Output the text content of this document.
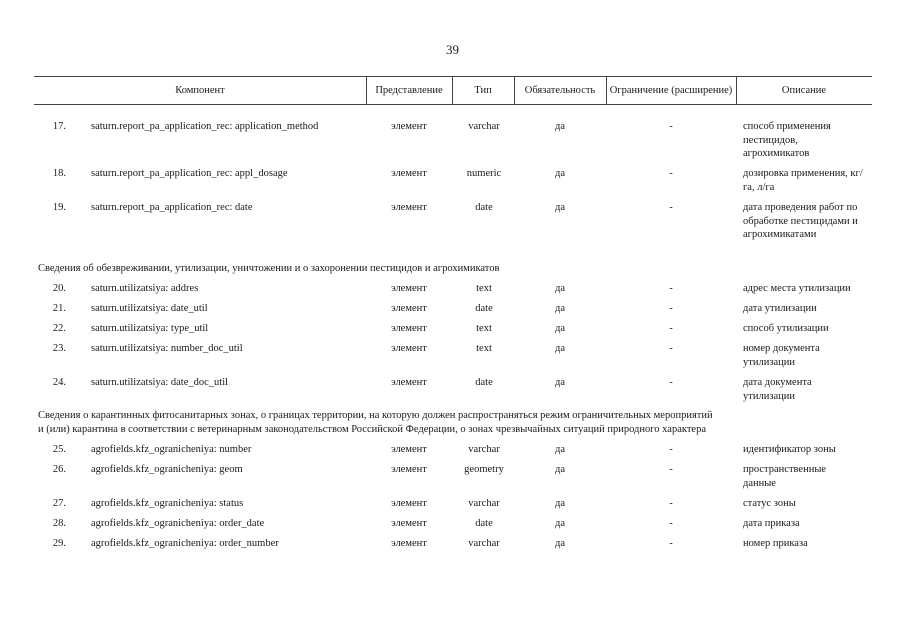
39
Компонент	Представление	Тип	Обязательность	Ограничение (расширение)	Описание
17. saturn.report_pa_application_rec: application_method	элемент	varchar	да	-	способ применения пестицидов, агрохимикатов
18. saturn.report_pa_application_rec: appl_dosage	элемент	numeric	да	-	дозировка применения, кг/га, л/га
19. saturn.report_pa_application_rec: date	элемент	date	да	-	дата проведения работ по обработке пестицидами и агрохимикатами
Сведения об обезвреживании, утилизации, уничтожении и о захоронении пестицидов и агрохимикатов
20. saturn.utilizatsiya: addres	элемент	text	да	-	адрес места утилизации
21. saturn.utilizatsiya: date_util	элемент	date	да	-	дата утилизации
22. saturn.utilizatsiya: type_util	элемент	text	да	-	способ утилизации
23. saturn.utilizatsiya: number_doc_util	элемент	text	да	-	номер документа утилизации
24. saturn.utilizatsiya: date_doc_util	элемент	date	да	-	дата документа утилизации
Сведения о карантинных фитосанитарных зонах, о границах территории, на которую должен распространяться режим ограничительных мероприятий
и (или) карантина в соответствии с ветеринарным законодательством Российской Федерации, о зонах чрезвычайных ситуаций природного характера
25. agrofields.kfz_ogranicheniya: number	элемент	varchar	да	-	идентификатор зоны
26. agrofields.kfz_ogranicheniya: geom	элемент	geometry	да	-	пространственные данные
27. agrofields.kfz_ogranicheniya: status	элемент	varchar	да	-	статус зоны
28. agrofields.kfz_ogranicheniya: order_date	элемент	date	да	-	дата приказа
29. agrofields.kfz_ogranicheniya: order_number	элемент	varchar	да	-	номер приказа
